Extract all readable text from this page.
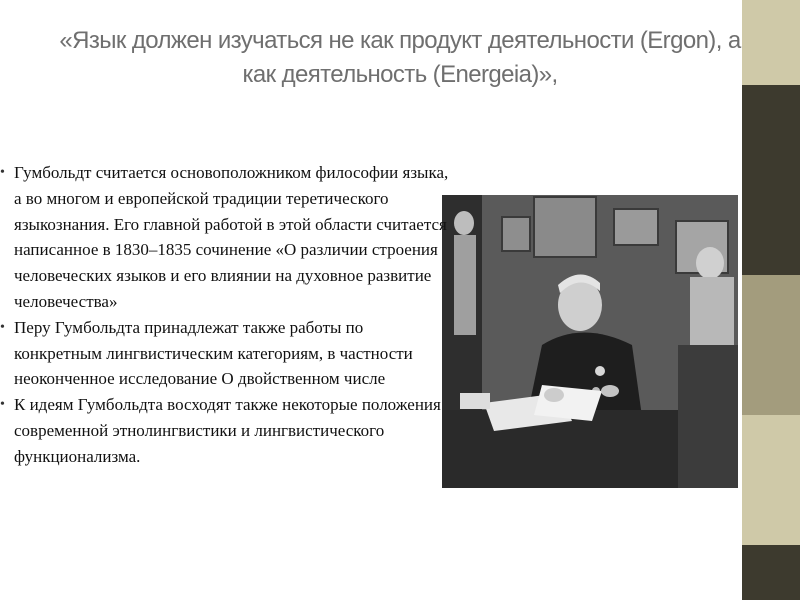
«Язык должен изучаться не как продукт деятельности (Ergon), а
как деятельность (Energeia)»,
• Гумбольдт считается основоположником философии языка, а во многом и европейской традиции теретического языкознания. Его главной работой в этой области считается написанное в 1830–1835 сочинение «О различии строения человеческих языков и его влиянии на духовное развитие человечества»
• Перу Гумбольдта принадлежат также работы по конкретным лингвистическим категориям, в частности неоконченное исследование О двойственном числе
• К идеям Гумбольдта восходят также некоторые положения современной этнолингвистики и лингвистического функционализма.
